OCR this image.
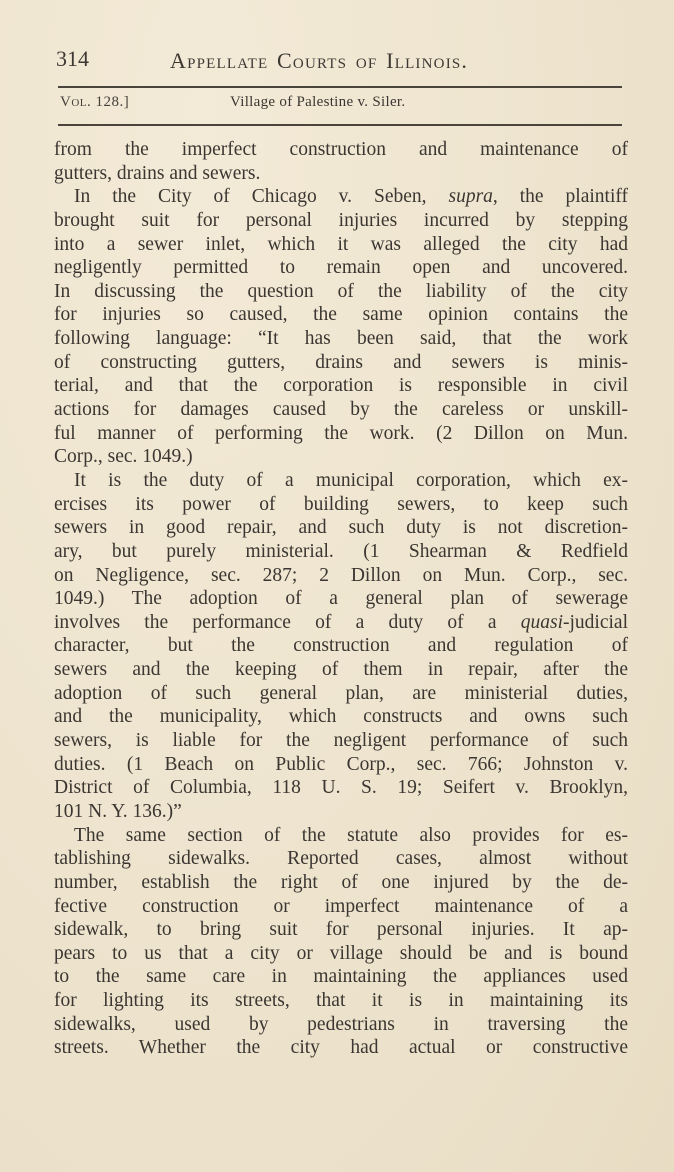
314	Appellate Courts of Illinois.
Vol. 128.]	Village of Palestine v. Siler.
from the imperfect construction and maintenance of
gutters, drains and sewers.
In the City of Chicago v. Seben, supra, the plaintiff
brought suit for personal injuries incurred by stepping
into a sewer inlet, which it was alleged the city had
negligently permitted to remain open and uncovered.
In discussing the question of the liability of the city
for injuries so caused, the same opinion contains the
following language: “It has been said, that the work
of constructing gutters, drains and sewers is minis-
terial, and that the corporation is responsible in civil
actions for damages caused by the careless or unskill-
ful manner of performing the work. (2 Dillon on Mun.
Corp., sec. 1049.)
It is the duty of a municipal corporation, which ex-
ercises its power of building sewers, to keep such
sewers in good repair, and such duty is not discretion-
ary, but purely ministerial. (1 Shearman & Redfield
on Negligence, sec. 287; 2 Dillon on Mun. Corp., sec.
1049.) The adoption of a general plan of sewerage
involves the performance of a duty of a quasi-judicial
character, but the construction and regulation of
sewers and the keeping of them in repair, after the
adoption of such general plan, are ministerial duties,
and the municipality, which constructs and owns such
sewers, is liable for the negligent performance of such
duties. (1 Beach on Public Corp., sec. 766; Johnston v.
District of Columbia, 118 U. S. 19; Seifert v. Brooklyn,
101 N. Y. 136.)”
The same section of the statute also provides for es-
tablishing sidewalks. Reported cases, almost without
number, establish the right of one injured by the de-
fective construction or imperfect maintenance of a
sidewalk, to bring suit for personal injuries. It ap-
pears to us that a city or village should be and is bound
to the same care in maintaining the appliances used
for lighting its streets, that it is in maintaining its
sidewalks, used by pedestrians in traversing the
streets. Whether the city had actual or constructive
